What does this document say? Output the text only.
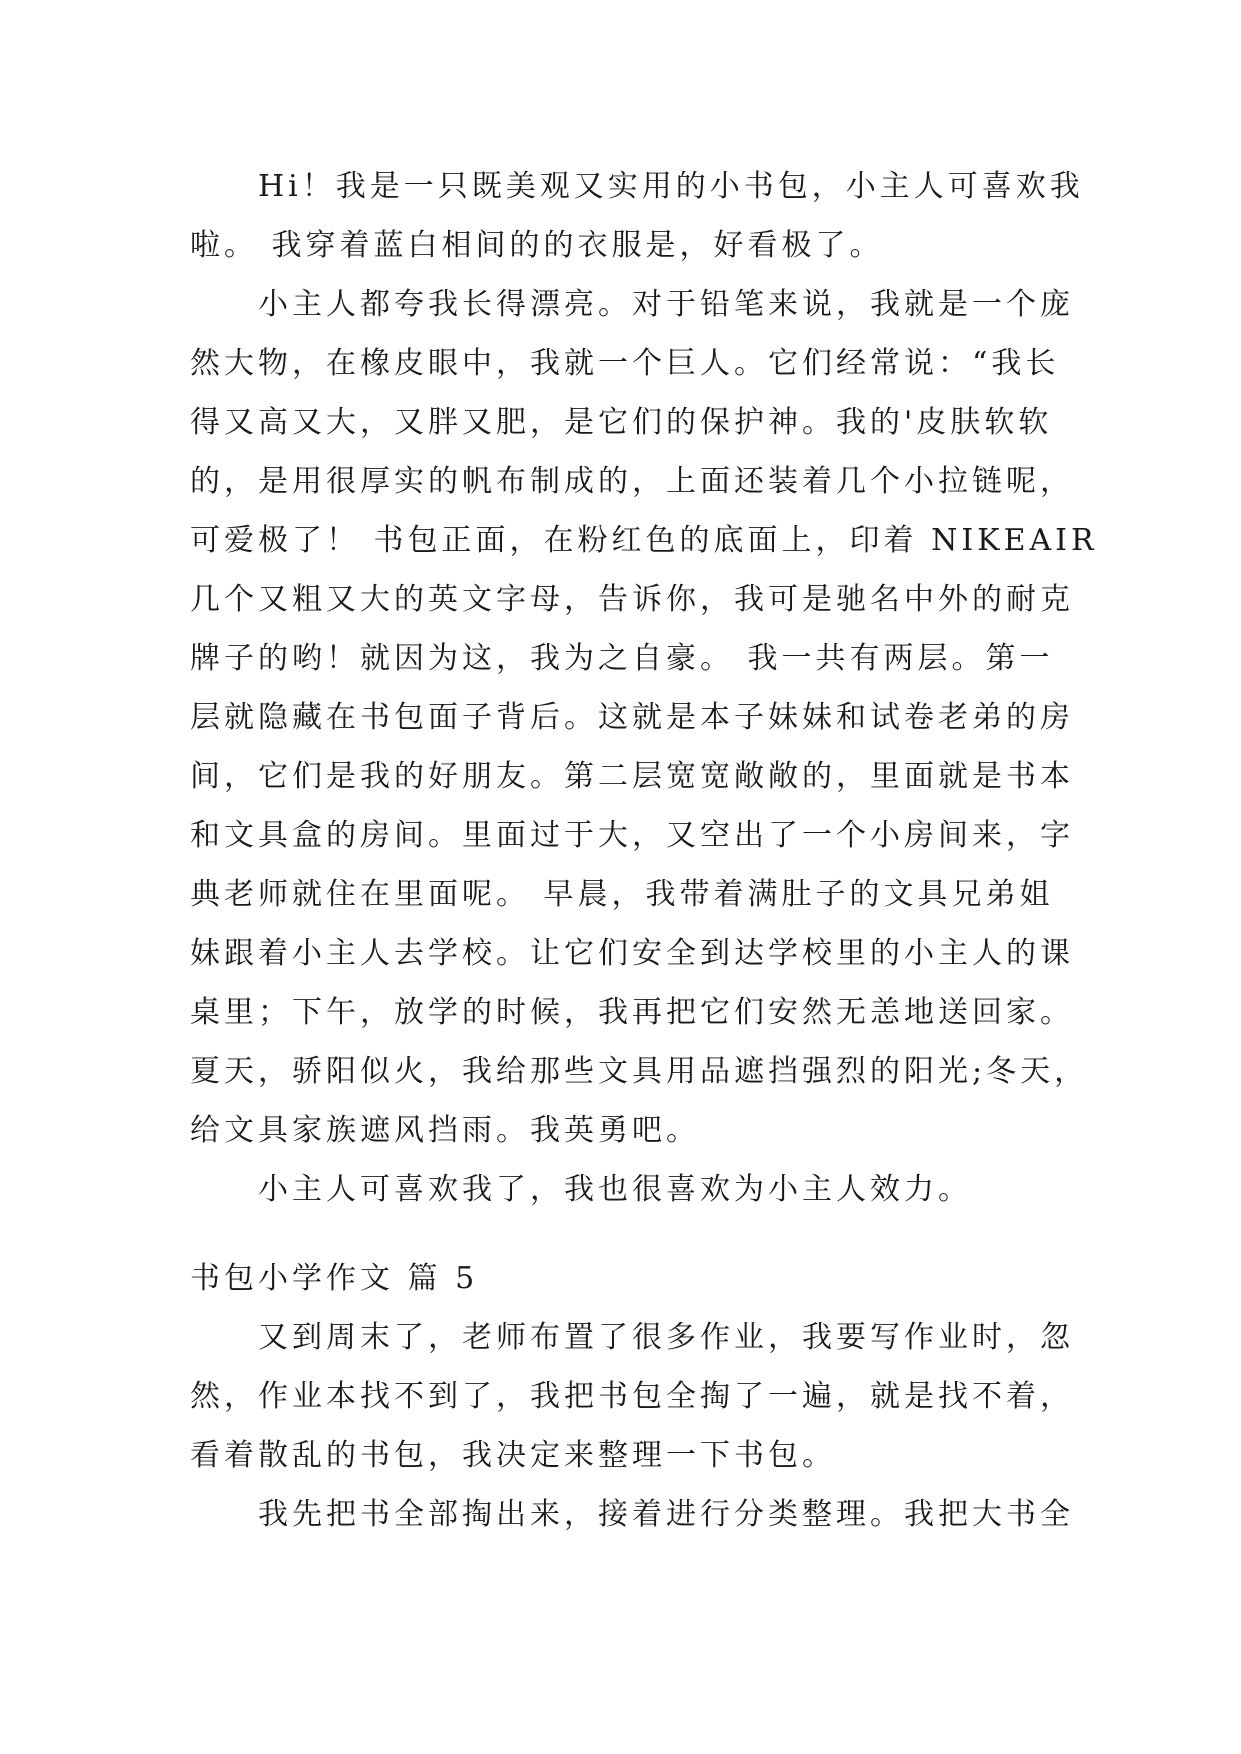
　　Hi！我是一只既美观又实用的小书包，小主人可喜欢我
啦。 我穿着蓝白相间的的衣服是，好看极了。
　　小主人都夸我长得漂亮。对于铅笔来说，我就是一个庞
然大物，在橡皮眼中，我就一个巨人。它们经常说：“我长
得又高又大，又胖又肥，是它们的保护神。我的'皮肤软软
的，是用很厚实的帆布制成的，上面还装着几个小拉链呢，
可爱极了！ 书包正面，在粉红色的底面上，印着 NIKEAIR
几个又粗又大的英文字母，告诉你，我可是驰名中外的耐克
牌子的哟！就因为这，我为之自豪。 我一共有两层。第一
层就隐藏在书包面子背后。这就是本子妹妹和试卷老弟的房
间，它们是我的好朋友。第二层宽宽敞敞的，里面就是书本
和文具盒的房间。里面过于大，又空出了一个小房间来，字
典老师就住在里面呢。 早晨，我带着满肚子的文具兄弟姐
妹跟着小主人去学校。让它们安全到达学校里的小主人的课
桌里；下午，放学的时候，我再把它们安然无恙地送回家。
夏天，骄阳似火，我给那些文具用品遮挡强烈的阳光;冬天，
给文具家族遮风挡雨。我英勇吧。
　　小主人可喜欢我了，我也很喜欢为小主人效力。
书包小学作文 篇 5
　　又到周末了，老师布置了很多作业，我要写作业时，忽
然，作业本找不到了，我把书包全掏了一遍，就是找不着，
看着散乱的书包，我决定来整理一下书包。
　　我先把书全部掏出来，接着进行分类整理。我把大书全
